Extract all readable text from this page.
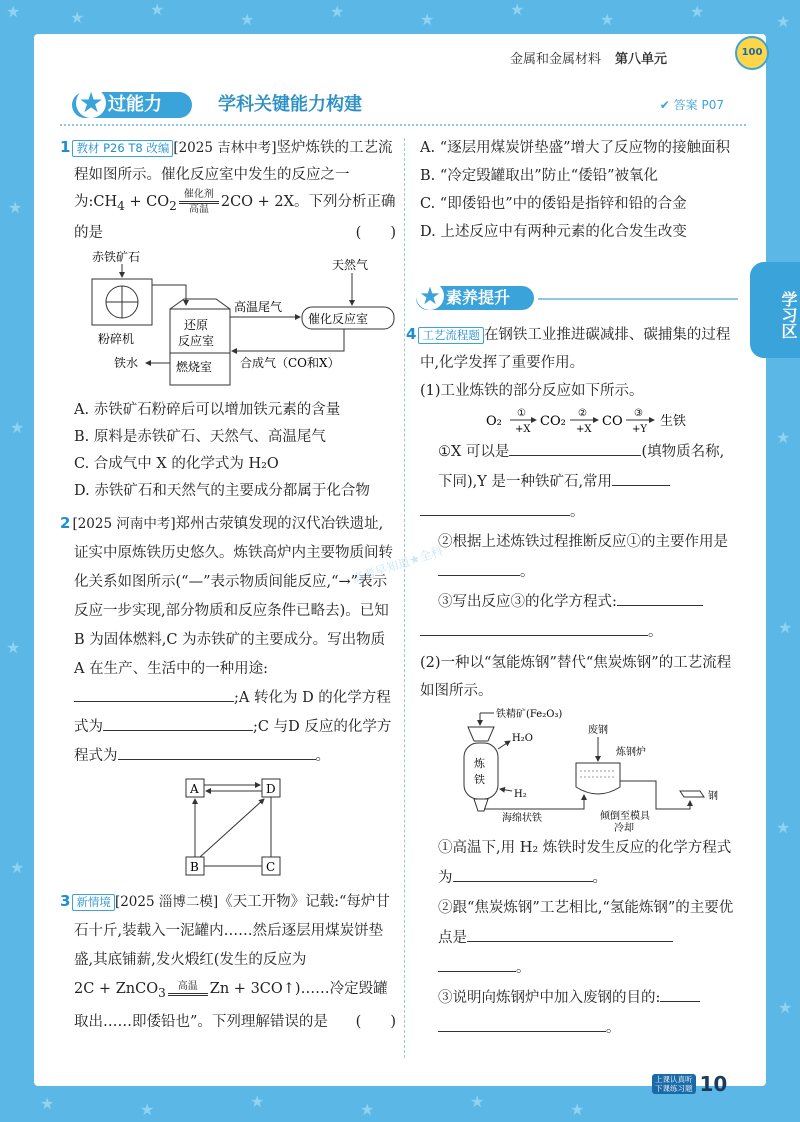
★	★	★
★	★	★
★
★	★
★
★
★
★
★
★
★
★
★
★	★	★	★	★	★
金属和金属材料 第八单元	100
过能力
★	学科关键能力构建	✔ 答案 P07
学习区
高考早知道★全科
1 教材 P26 T8 改编 [2025 吉林中考]竖炉炼铁的工艺流程如图所示。催化反应室中发生的反应之一为$:CH_4 + CO_2$催化剂
高温 2CO + 2X。下列分析正确的是	(　　)
赤铁矿石
粉碎机
还原
反应室
燃烧室
铁水
天然气
催化反应室
高温尾气
合成气（CO和X）
A. 赤铁矿石粉碎后可以增加铁元素的含量
B. 原料是赤铁矿石、天然气、高温尾气
C. 合成气中 X 的化学式为 H₂O
D. 赤铁矿石和天然气的主要成分都属于化合物
2 [2025 河南中考]郑州古荥镇发现的汉代冶铁遗址,证实中原炼铁历史悠久。炼铁高炉内主要物质间转化关系如图所示(“—”表示物质间能反应,“→”表示反应一步实现,部分物质和反应条件已略去)。已知 B 为固体燃料,C 为赤铁矿的主要成分。写出物质 A 在生产、生活中的一种用途:;A 转化为 D 的化学方程式为	;C 与D 反应的化学方程式为	。
A	D
B	C
3 新情境 [2025 淄博二模]《天工开物》记载:“每炉甘石十斤,装载入一泥罐内……然后逐层用煤炭饼垫盛,其底铺薪,发火煅红(发生的反应为
2C + ZnCO$_3$ 高温 Zn + 3CO↑)……冷定毁罐取出……即倭铅也”。下列理解错误的是 (　　)
A. “逐层用煤炭饼垫盛”增大了反应物的接触面积
B. “冷定毁罐取出”防止“倭铅”被氧化
C. “即倭铅也”中的倭铅是指锌和铅的合金
D. 上述反应中有两种元素的化合发生改变
素养提升
★
4 工艺流程题 在钢铁工业推进碳减排、碳捕集的过程中,化学发挥了重要作用。
(1)工业炼铁的部分反应如下所示。
O₂
①
+X
CO₂
②
+X
CO
③
+Y
生铁
①X 可以是	(填物质名称,下同),Y 是一种铁矿石,常用
。
②根据上述炼铁过程推断反应①的主要作用是。
③写出反应③的化学方程式:
。
(2)一种以“氢能炼钢”替代“焦炭炼钢”的工艺流程如图所示。
铁精矿(Fe₂O₃)
炼
铁
H₂O
H₂
海绵状铁
废钢
炼钢炉
倾倒至模具
冷却
钢
①高温下,用 H₂ 炼铁时发生反应的化学方程式为	。
②跟“焦炭炼钢”工艺相比,“氢能炼钢”的主要优点是
。
③说明向炼钢炉中加入废钢的目的:
。
上课认真听
下课练习题 10
